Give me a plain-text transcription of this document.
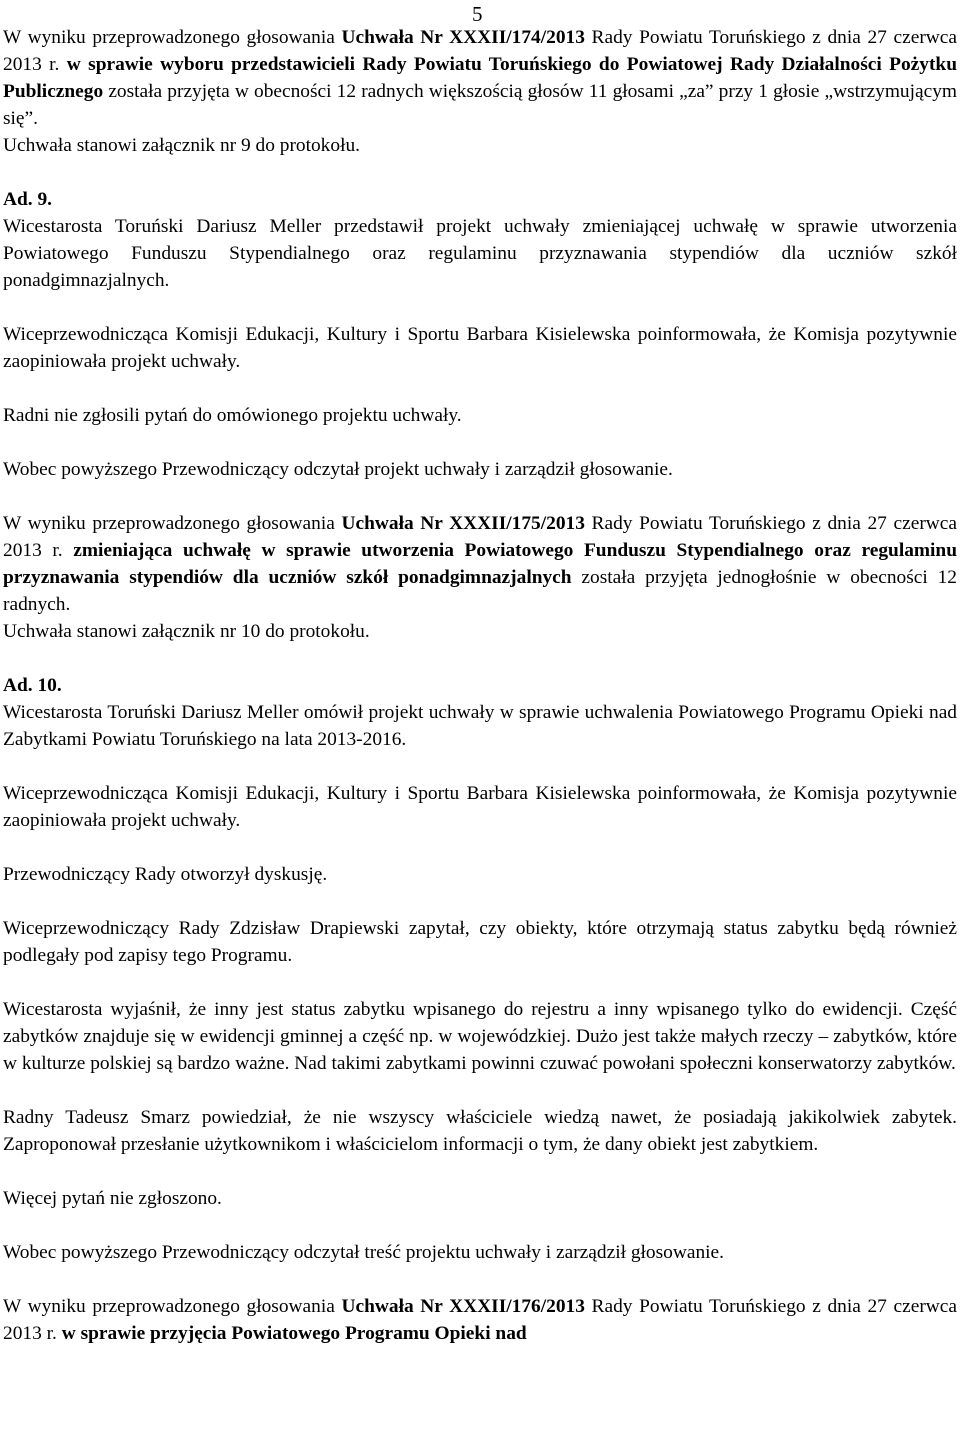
5

W wyniku przeprowadzonego głosowania Uchwała Nr XXXII/174/2013 Rady Powiatu Toruńskiego z dnia 27 czerwca 2013 r. w sprawie wyboru przedstawicieli Rady Powiatu Toruńskiego do Powiatowej Rady Działalności Pożytku Publicznego została przyjęta w obecności 12 radnych większością głosów 11 głosami „za” przy 1 głosie „wstrzymującym się”.

Uchwała stanowi załącznik nr 9 do protokołu.

Ad. 9.

Wicestarosta Toruński Dariusz Meller przedstawił projekt uchwały zmieniającej uchwałę w sprawie utworzenia Powiatowego Funduszu Stypendialnego oraz regulaminu przyznawania stypendiów dla uczniów szkół ponadgimnazjalnych.

Wiceprzewodnicząca Komisji Edukacji, Kultury i Sportu Barbara Kisielewska poinformowała, że Komisja pozytywnie zaopiniowała projekt uchwały.

Radni nie zgłosili pytań do omówionego projektu uchwały.

Wobec powyższego Przewodniczący odczytał projekt uchwały i zarządził głosowanie.

W wyniku przeprowadzonego głosowania Uchwała Nr XXXII/175/2013 Rady Powiatu Toruńskiego z dnia 27 czerwca 2013 r. zmieniająca uchwałę w sprawie utworzenia Powiatowego Funduszu Stypendialnego oraz regulaminu przyznawania stypendiów dla uczniów szkół ponadgimnazjalnych została przyjęta jednogłośnie w obecności 12 radnych.

Uchwała stanowi załącznik nr 10 do protokołu.

Ad. 10.

Wicestarosta Toruński Dariusz Meller omówił projekt uchwały w sprawie uchwalenia Powiatowego Programu Opieki nad Zabytkami Powiatu Toruńskiego na lata 2013-2016.

Wiceprzewodnicząca Komisji Edukacji, Kultury i Sportu Barbara Kisielewska poinformowała, że Komisja pozytywnie zaopiniowała projekt uchwały.

Przewodniczący Rady otworzył dyskusję.

Wiceprzewodniczący Rady Zdzisław Drapiewski zapytał, czy obiekty, które otrzymają status zabytku będą również podlegały pod zapisy tego Programu.

Wicestarosta wyjaśnił, że inny jest status zabytku wpisanego do rejestru a inny wpisanego tylko do ewidencji. Część zabytków znajduje się w ewidencji gminnej a część np. w wojewódzkiej. Dużo jest także małych rzeczy – zabytków, które w kulturze polskiej są bardzo ważne. Nad takimi zabytkami powinni czuwać powołani społeczni konserwatorzy zabytków.

Radny Tadeusz Smarz powiedział, że nie wszyscy właściciele wiedzą nawet, że posiadają jakikolwiek zabytek. Zaproponował przesłanie użytkownikom i właścicielom informacji o tym, że dany obiekt jest zabytkiem.

Więcej pytań nie zgłoszono.

Wobec powyższego Przewodniczący odczytał treść projektu uchwały i zarządził głosowanie.

W wyniku przeprowadzonego głosowania Uchwała Nr XXXII/176/2013 Rady Powiatu Toruńskiego z dnia 27 czerwca 2013 r. w sprawie przyjęcia Powiatowego Programu Opieki nad
